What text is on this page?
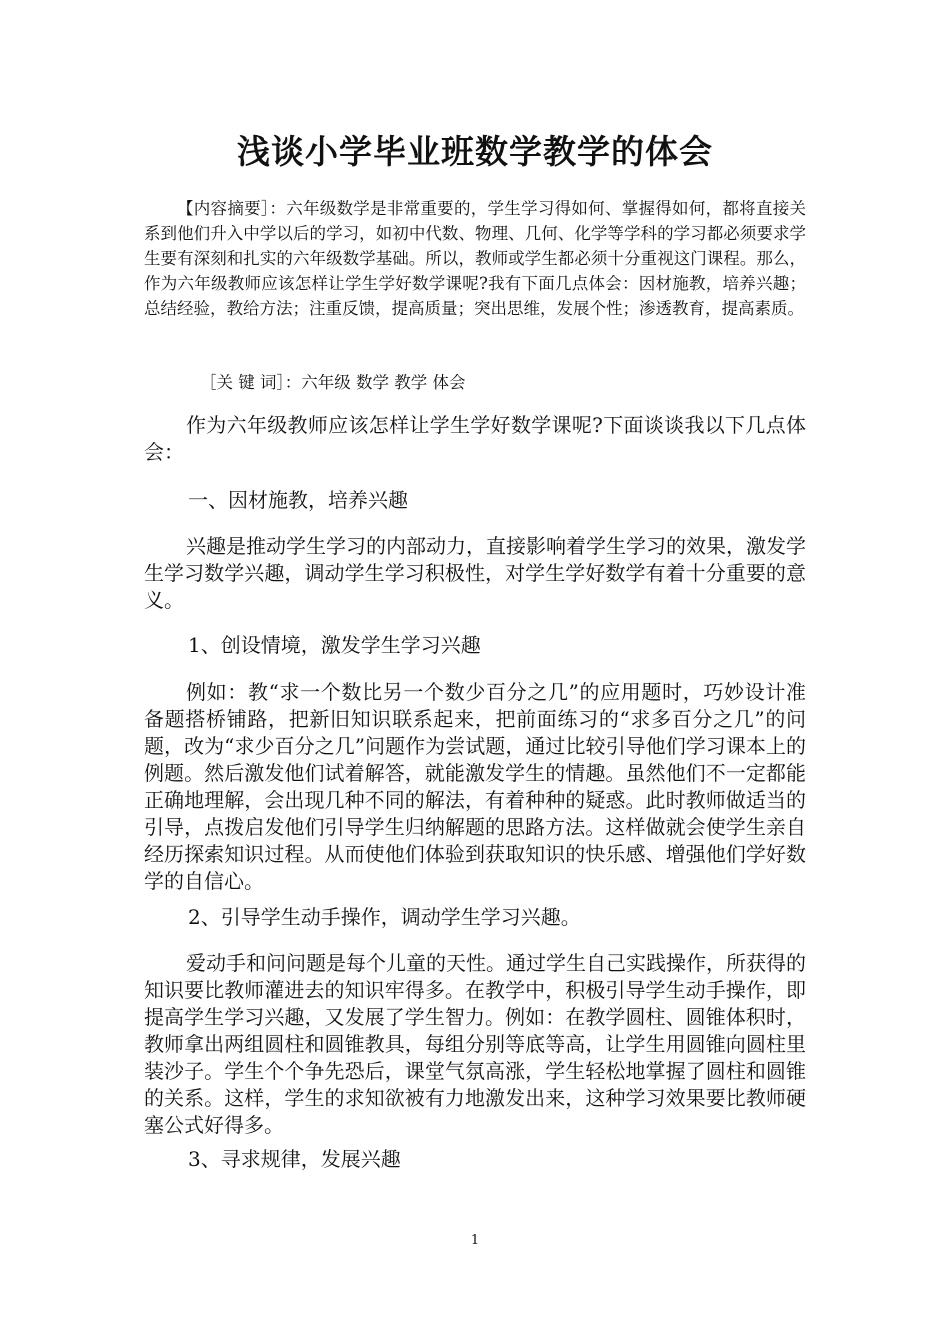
浅谈小学毕业班数学教学的体会

【内容摘要］：六年级数学是非常重要的，学生学习得如何、掌握得如何，都将直接关系到他们升入中学以后的学习，如初中代数、物理、几何、化学等学科的学习都必须要求学生要有深刻和扎实的六年级数学基础。所以，教师或学生都必须十分重视这门课程。那么，作为六年级教师应该怎样让学生学好数学课呢?我有下面几点体会：因材施教，培养兴趣；总结经验，教给方法；注重反馈，提高质量；突出思维，发展个性；渗透教育，提高素质。

［关 键 词］：六年级 数学 教学 体会

作为六年级教师应该怎样让学生学好数学课呢?下面谈谈我以下几点体会：

一、因材施教，培养兴趣

兴趣是推动学生学习的内部动力，直接影响着学生学习的效果，激发学生学习数学兴趣，调动学生学习积极性，对学生学好数学有着十分重要的意义。

1、创设情境，激发学生学习兴趣

例如：教“求一个数比另一个数少百分之几”的应用题时，巧妙设计准备题搭桥铺路，把新旧知识联系起来，把前面练习的“求多百分之几”的问题，改为“求少百分之几”问题作为尝试题，通过比较引导他们学习课本上的例题。然后激发他们试着解答，就能激发学生的情趣。虽然他们不一定都能正确地理解，会出现几种不同的解法，有着种种的疑惑。此时教师做适当的引导，点拨启发他们引导学生归纳解题的思路方法。这样做就会使学生亲自经历探索知识过程。从而使他们体验到获取知识的快乐感、增强他们学好数学的自信心。

2、引导学生动手操作，调动学生学习兴趣。

爱动手和问问题是每个儿童的天性。通过学生自己实践操作，所获得的知识要比教师灌进去的知识牢得多。在教学中，积极引导学生动手操作，即提高学生学习兴趣，又发展了学生智力。例如：在教学圆柱、圆锥体积时，教师拿出两组圆柱和圆锥教具，每组分别等底等高，让学生用圆锥向圆柱里装沙子。学生个个争先恐后，课堂气氛高涨，学生轻松地掌握了圆柱和圆锥的关系。这样，学生的求知欲被有力地激发出来，这种学习效果要比教师硬塞公式好得多。

3、寻求规律，发展兴趣

1
